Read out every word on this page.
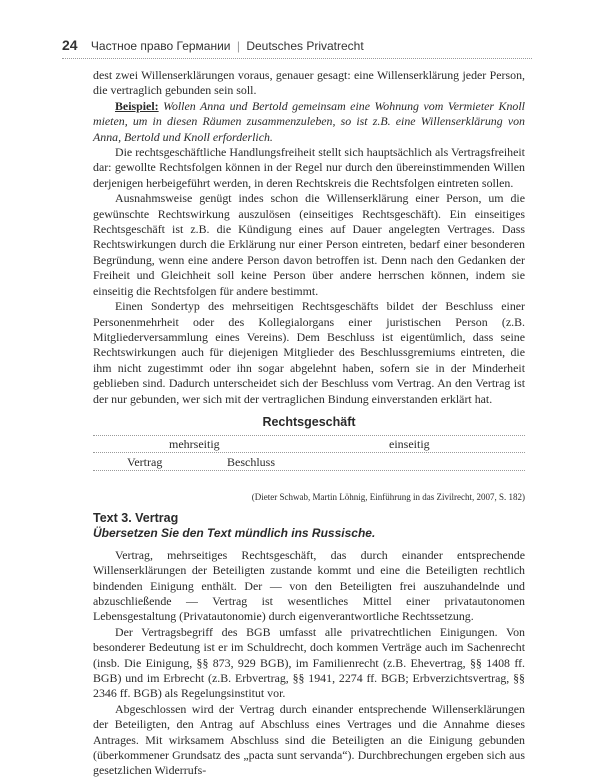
24 Частное право Германии | Deutsches Privatrecht

dest zwei Willenserklärungen voraus, genauer gesagt: eine Willenserklärung jeder Person, die vertraglich gebunden sein soll.

Beispiel: Wollen Anna und Bertold gemeinsam eine Wohnung vom Vermieter Knoll mieten, um in diesen Räumen zusammenzuleben, so ist z.B. eine Willenserklärung von Anna, Bertold und Knoll erforderlich.

Die rechtsgeschäftliche Handlungsfreiheit stellt sich hauptsächlich als Vertragsfreiheit dar: gewollte Rechtsfolgen können in der Regel nur durch den übereinstimmenden Willen derjenigen herbeigeführt werden, in deren Rechtskreis die Rechtsfolgen eintreten sollen.

Ausnahmsweise genügt indes schon die Willenserklärung einer Person, um die gewünschte Rechtswirkung auszulösen (einseitiges Rechtsgeschäft). Ein einseitiges Rechtsgeschäft ist z.B. die Kündigung eines auf Dauer angelegten Vertrages. Dass Rechtswirkungen durch die Erklärung nur einer Person eintreten, bedarf einer besonderen Begründung, wenn eine andere Person davon betroffen ist. Denn nach den Gedanken der Freiheit und Gleichheit soll keine Person über andere herrschen können, indem sie einseitig die Rechtsfolgen für andere bestimmt.

Einen Sondertyp des mehrseitigen Rechtsgeschäfts bildet der Beschluss einer Personenmehrheit oder des Kollegialorgans einer juristischen Person (z.B. Mitgliederversammlung eines Vereins). Dem Beschluss ist eigentümlich, dass seine Rechtswirkungen auch für diejenigen Mitglieder des Beschlussgremiums eintreten, die ihm nicht zugestimmt oder ihn sogar abgelehnt haben, sofern sie in der Minderheit geblieben sind. Dadurch unterscheidet sich der Beschluss vom Vertrag. An den Vertrag ist der nur gebunden, wer sich mit der vertraglichen Bindung einverstanden erklärt hat.

Rechtsgeschäft
mehrseitig	einseitig
Vertrag	Beschluss
(Dieter Schwab, Martin Löhnig, Einführung in das Zivilrecht, 2007, S. 182)
Text 3. Vertrag
Übersetzen Sie den Text mündlich ins Russische.

Vertrag, mehrseitiges Rechtsgeschäft, das durch einander entsprechende Willenserklärungen der Beteiligten zustande kommt und eine die Beteiligten rechtlich bindenden Einigung enthält. Der — von den Beteiligten frei auszuhandelnde und abzuschließende — Vertrag ist wesentliches Mittel einer privatautonomen Lebensgestaltung (Privatautonomie) durch eigenverantwortliche Rechtssetzung.

Der Vertragsbegriff des BGB umfasst alle privatrechtlichen Einigungen. Von besonderer Bedeutung ist er im Schuldrecht, doch kommen Verträge auch im Sachenrecht (insb. Die Einigung, §§ 873, 929 BGB), im Familienrecht (z.B. Ehevertrag, §§ 1408 ff. BGB) und im Erbrecht (z.B. Erbvertrag, §§ 1941, 2274 ff. BGB; Erbverzichtsvertrag, §§ 2346 ff. BGB) als Regelungsinstitut vor.

Abgeschlossen wird der Vertrag durch einander entsprechende Willenserklärungen der Beteiligten, den Antrag auf Abschluss eines Vertrages und die Annahme dieses Antrages. Mit wirksamem Abschluss sind die Beteiligten an die Einigung gebunden (überkommener Grundsatz des „pacta sunt servanda“). Durchbrechungen ergeben sich aus gesetzlichen Widerrufs-
